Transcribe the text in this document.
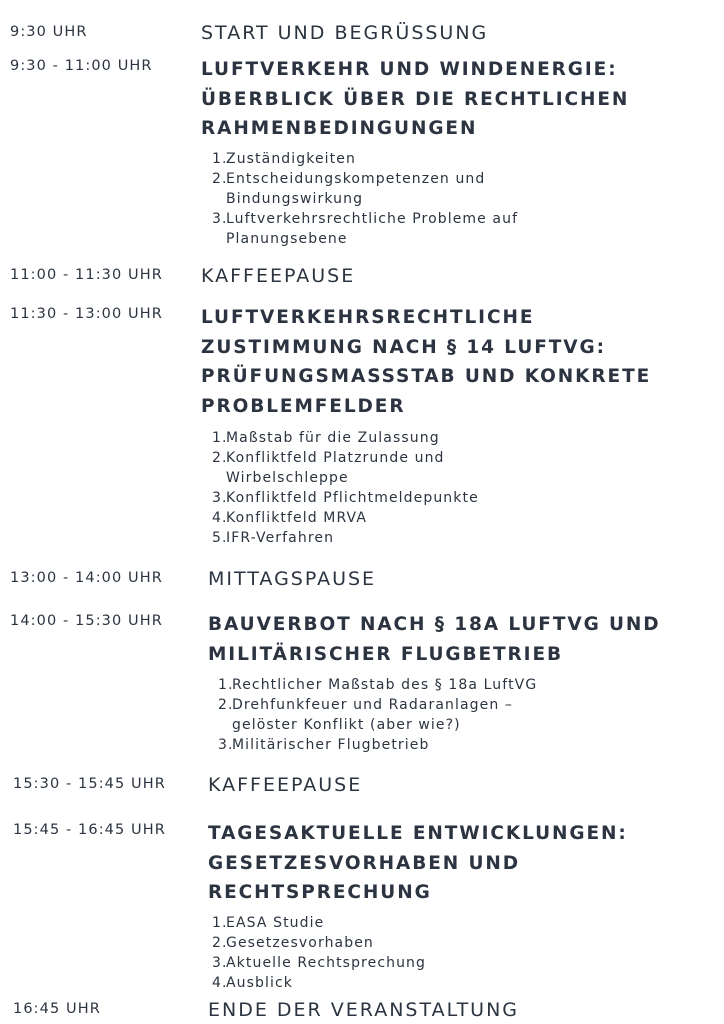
9:30 UHR	START UND BEGRÜSSUNG
9:30 - 11:00 UHR	LUFTVERKEHR UND WINDENERGIE:
ÜBERBLICK ÜBER DIE RECHTLICHEN
RAHMENBEDINGUNGEN
1.
Zuständigkeiten
2.
Entscheidungskompetenzen und
Bindungswirkung
3.
Luftverkehrsrechtliche Probleme auf
Planungsebene
11:00 - 11:30 UHR KAFFEEPAUSE
11:30 - 13:00 UHR LUFTVERKEHRSRECHTLICHE
ZUSTIMMUNG NACH § 14 LUFTVG:
PRÜFUNGSMASSSTAB UND KONKRETE
PROBLEMFELDER
1.
Maßstab für die Zulassung
2.
Konfliktfeld Platzrunde und
Wirbelschleppe
3.
Konfliktfeld Pflichtmeldepunkte
4.
Konfliktfeld MRVA
5.
IFR-Verfahren
13:00 - 14:00 UHR MITTAGSPAUSE
14:00 - 15:30 UHR BAUVERBOT NACH § 18A LUFTVG UND
MILITÄRISCHER FLUGBETRIEB
1.
Rechtlicher Maßstab des § 18a LuftVG
2.
Drehfunkfeuer und Radaranlagen –
gelöster Konflikt (aber wie?)
3.
Militärischer Flugbetrieb
15:30 - 15:45 UHR KAFFEEPAUSE
15:45 - 16:45 UHR TAGESAKTUELLE ENTWICKLUNGEN:
GESETZESVORHABEN UND
RECHTSPRECHUNG
1.
EASA Studie
2.
Gesetzesvorhaben
3.
Aktuelle Rechtsprechung
4.
Ausblick
16:45 UHR	ENDE DER VERANSTALTUNG
